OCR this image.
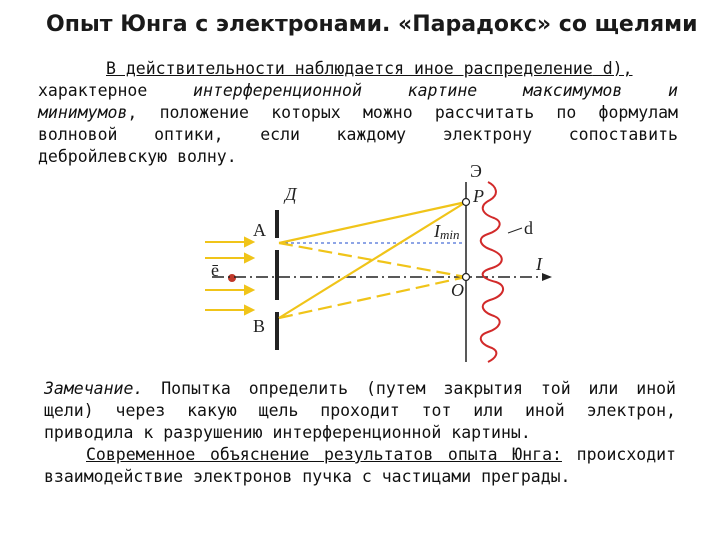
Опыт Юнга с электронами. «Парадокс» со щелями
В действительности наблюдается иное распределение d),
характерное интерференционной картине максимумов и
минимумов, положение которых можно рассчитать по формулам
волновой оптики, если каждому электрону сопоставить
дебройлевскую волну.
Э
Д
А
В
ē
Р
О
Imin	d
I
Замечание. Попытка определить (путем закрытия той или иной
щели) через какую щель проходит тот или иной электрон,
приводила к разрушению интерференционной картины.
Современное объяснение результатов опыта Юнга: происходит
взаимодействие электронов пучка с частицами преграды.
